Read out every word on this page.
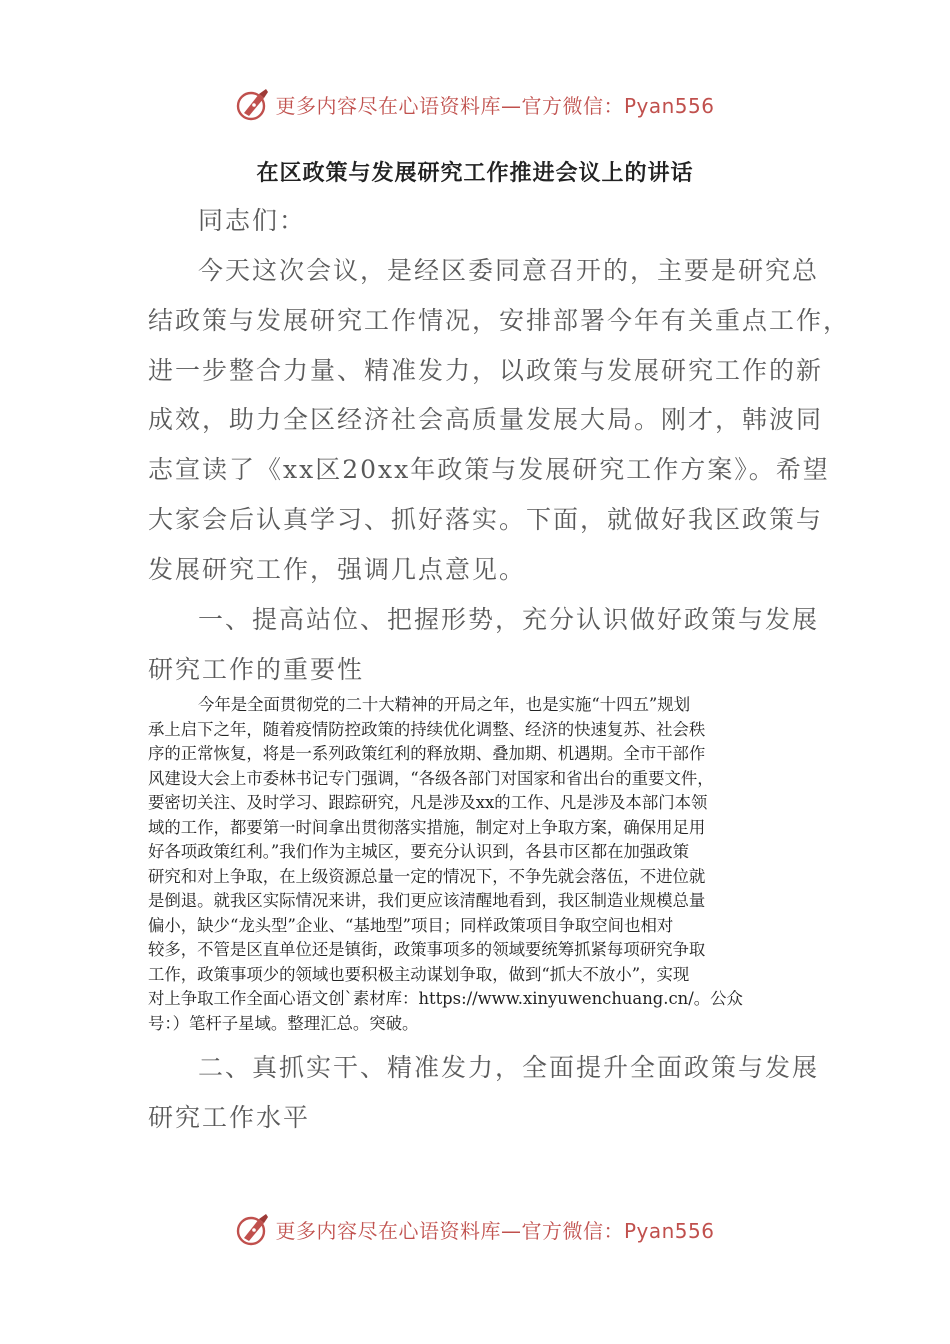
更多内容尽在心语资料库—官方微信：Pyan556
在区政策与发展研究工作推进会议上的讲话

同志们：

今天这次会议，是经区委同意召开的，主要是研究总
结政策与发展研究工作情况，安排部署今年有关重点工作，
进一步整合力量、精准发力，以政策与发展研究工作的新
成效，助力全区经济社会高质量发展大局。刚才，韩波同
志宣读了《xx区20xx年政策与发展研究工作方案》。希望
大家会后认真学习、抓好落实。下面，就做好我区政策与
发展研究工作，强调几点意见。
一、提高站位、把握形势，充分认识做好政策与发展
研究工作的重要性
今年是全面贯彻党的二十大精神的开局之年，也是实施“十四五”规划
承上启下之年，随着疫情防控政策的持续优化调整、经济的快速复苏、社会秩
序的正常恢复，将是一系列政策红利的释放期、叠加期、机遇期。全市干部作
风建设大会上市委林书记专门强调，“各级各部门对国家和省出台的重要文件，
要密切关注、及时学习、跟踪研究，凡是涉及xx的工作、凡是涉及本部门本领
域的工作，都要第一时间拿出贯彻落实措施，制定对上争取方案，确保用足用
好各项政策红利。”我们作为主城区，要充分认识到，各县市区都在加强政策
研究和对上争取，在上级资源总量一定的情况下，不争先就会落伍，不进位就
是倒退。就我区实际情况来讲，我们更应该清醒地看到，我区制造业规模总量
偏小，缺少“龙头型”企业、“基地型”项目；同样政策项目争取空间也相对
较多，不管是区直单位还是镇街，政策事项多的领域要统筹抓紧每项研究争取
工作，政策事项少的领域也要积极主动谋划争取，做到“抓大不放小”，实现
对上争取工作全面心语文创`素材库：https://www.xinyuwenchuang.cn/。公众
号：）笔杆子星域。整理汇总。突破。
二、真抓实干、精准发力，全面提升全面政策与发展
研究工作水平
更多内容尽在心语资料库—官方微信：Pyan556
